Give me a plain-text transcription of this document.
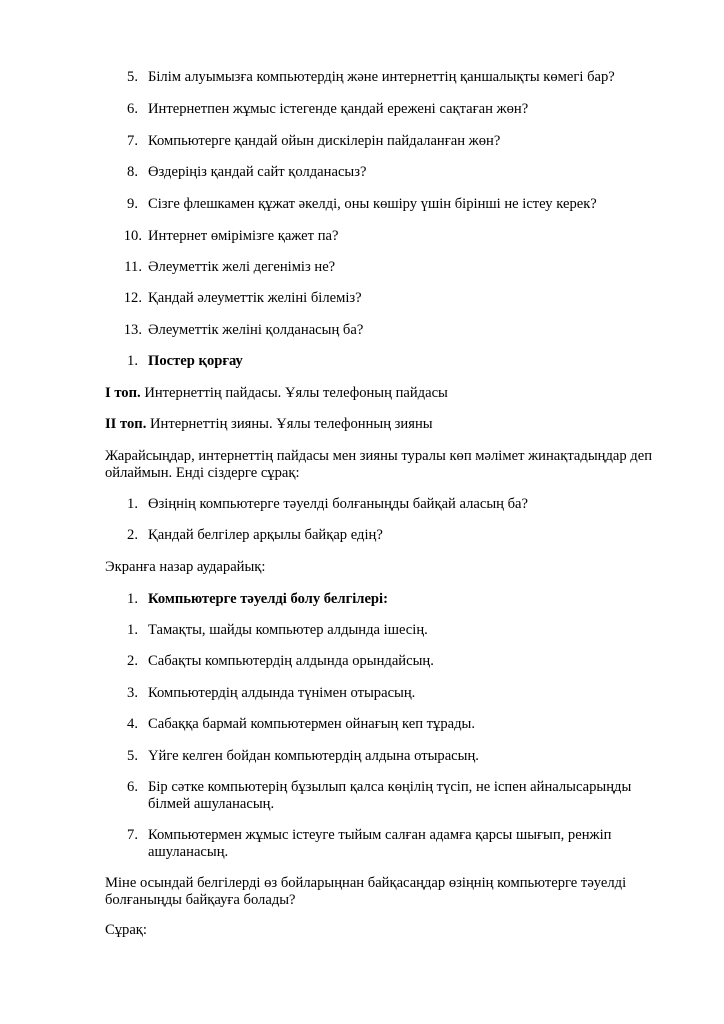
5. Білім алуымызға компьютердің және интернеттің қаншалықты көмегі бар?
6. Интернетпен жұмыс істегенде қандай ережені сақтаған жөн?
7. Компьютерге қандай ойын дискілерін пайдаланған жөн?
8. Өздеріңіз қандай сайт қолданасыз?
9. Сізге флешкамен құжат әкелді, оны көшіру үшін бірінші не істеу керек?
10. Интернет өмірімізге қажет па?
11. Әлеуметтік желі дегеніміз не?
12. Қандай әлеуметтік желіні білеміз?
13. Әлеуметтік желіні қолданасың ба?
1. Постер қорғау
І топ. Интернеттің пайдасы. Ұялы телефоның пайдасы
ІІ топ. Интернеттің зияны. Ұялы телефонның зияны
Жарайсыңдар, интернеттің пайдасы мен зияны туралы көп мәлімет жинақтадыңдар деп ойлаймын. Енді сіздерге сұрақ:
1. Өзіңнің компьютерге тәуелді болғаныңды байқай аласың ба?
2. Қандай белгілер арқылы байқар едің?
Экранға назар аударайық:
1. Компьютерге тәуелді болу белгілері:
1. Тамақты, шайды компьютер алдында ішесің.
2. Сабақты компьютердің алдында орындайсың.
3. Компьютердің алдында түнімен отырасың.
4. Сабаққа бармай компьютермен ойнағың кеп тұрады.
5. Үйге келген бойдан компьютердің алдына отырасың.
6. Бір сәтке компьютерің бұзылып қалса көңілің түсіп, не іспен айналысарыңды білмей ашуланасың.
7. Компьютермен жұмыс істеуге тыйым салған адамға қарсы шығып, ренжіп ашуланасың.
Міне осындай белгілерді өз бойларыңнан байқасаңдар өзіңнің компьютерге тәуелді болғаныңды байқауға болады?
Сұрақ:
